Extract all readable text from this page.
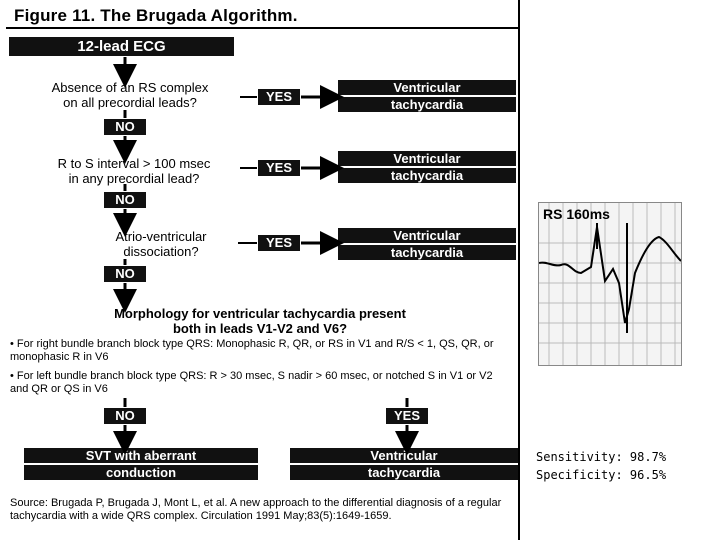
Figure 11. The Brugada Algorithm.
12-lead ECG
Absence of an RS complex
on all precordial leads?	YES
Ventricular
tachycardia
NO
R to S interval > 100 msec
in any precordial lead?
YES
Ventricular
tachycardia
NO
Atrio-ventricular
dissociation?
YES	Ventricular
tachycardia
NO
Morphology for ventricular tachycardia present
both in leads V1-V2 and V6?
• For right bundle branch block type QRS: Monophasic R, QR, or RS in V1 and R/S < 1, QS, QR, or monophasic R in V6
• For left bundle branch block type QRS: R > 30 msec, S nadir > 60 msec, or notched S in V1 or V2 and QR or QS in V6
NO	YES
SVT with aberrant
conduction
Ventricular
tachycardia
Source: Brugada P, Brugada J, Mont L, et al. A new approach to the differential diagnosis of a regular tachycardia with a wide QRS complex. Circulation 1991 May;83(5):1649-1659.
RS 160ms
Sensitivity: 98.7%
Specificity: 96.5%
